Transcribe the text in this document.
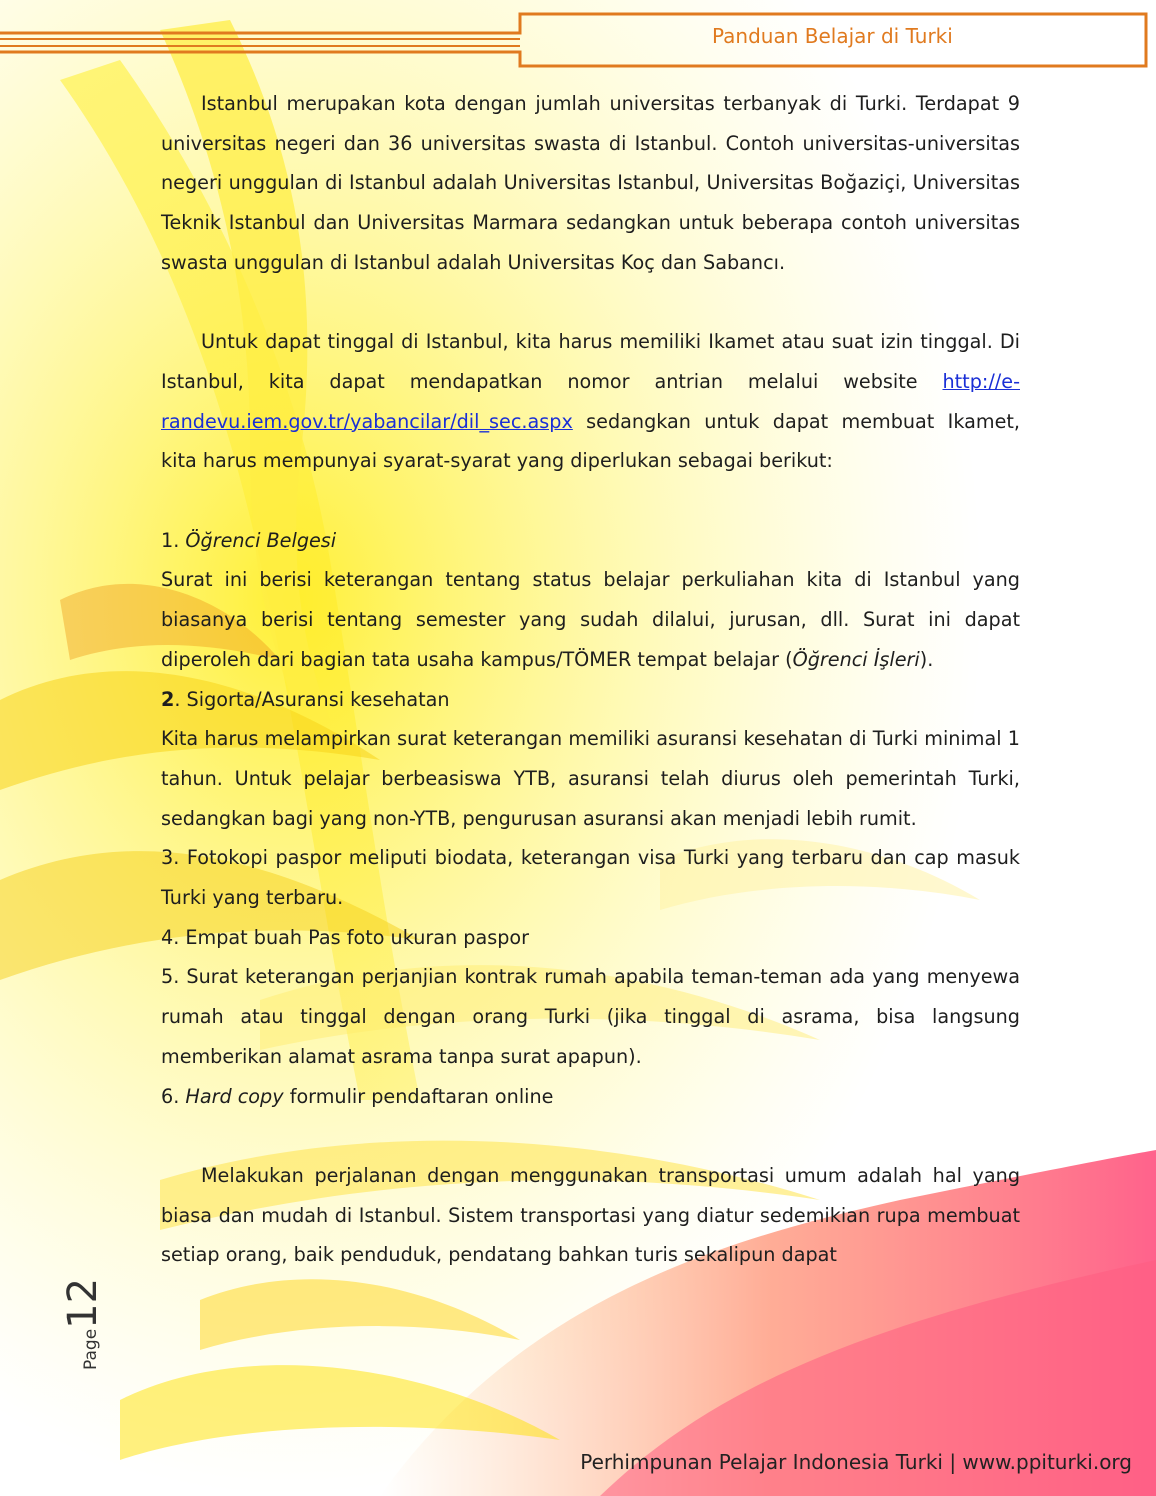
Panduan Belajar di Turki

Istanbul merupakan kota dengan jumlah universitas terbanyak di Turki. Terdapat 9 universitas negeri dan 36 universitas swasta di Istanbul. Contoh universitas-universitas negeri unggulan di Istanbul adalah Universitas Istanbul, Universitas Boğaziçi, Universitas Teknik Istanbul dan Universitas Marmara sedangkan untuk beberapa contoh universitas swasta unggulan di Istanbul adalah Universitas Koç dan Sabancı.

Untuk dapat tinggal di Istanbul, kita harus memiliki Ikamet atau suat izin tinggal. Di Istanbul, kita dapat mendapatkan nomor antrian melalui website http://e-randevu.iem.gov.tr/yabancilar/dil_sec.aspx sedangkan untuk dapat membuat Ikamet, kita harus mempunyai syarat-syarat yang diperlukan sebagai berikut:

1. Öğrenci Belgesi

Surat ini berisi keterangan tentang status belajar perkuliahan kita di Istanbul yang biasanya berisi tentang semester yang sudah dilalui, jurusan, dll. Surat ini dapat diperoleh dari bagian tata usaha kampus/TÖMER tempat belajar (Öğrenci İşleri).

2. Sigorta/Asuransi kesehatan

Kita harus melampirkan surat keterangan memiliki asuransi kesehatan di Turki minimal 1 tahun. Untuk pelajar berbeasiswa YTB, asuransi telah diurus oleh pemerintah Turki, sedangkan bagi yang non-YTB, pengurusan asuransi akan menjadi lebih rumit.

3. Fotokopi paspor meliputi biodata, keterangan visa Turki yang terbaru dan cap masuk Turki yang terbaru.

4. Empat buah Pas foto ukuran paspor

5. Surat keterangan perjanjian kontrak rumah apabila teman-teman ada yang menyewa rumah atau tinggal dengan orang Turki (jika tinggal di asrama, bisa langsung memberikan alamat asrama tanpa surat apapun).

6. Hard copy formulir pendaftaran online

Melakukan perjalanan dengan menggunakan transportasi umum adalah hal yang biasa dan mudah di Istanbul. Sistem transportasi yang diatur sedemikian rupa membuat setiap orang, baik penduduk, pendatang bahkan turis sekalipun dapat

Page12
Perhimpunan Pelajar Indonesia Turki | www.ppiturki.org
